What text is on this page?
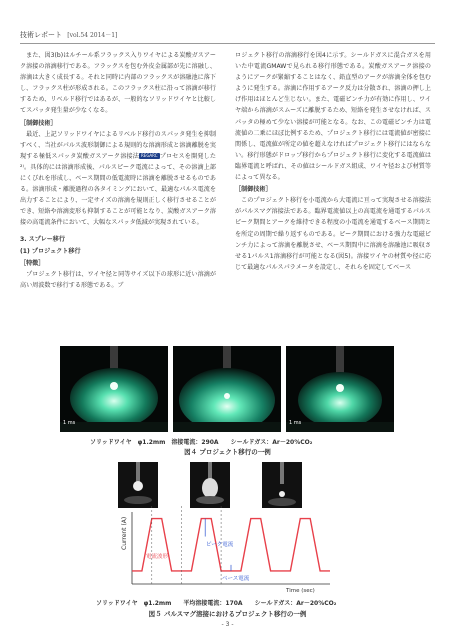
技術レポート [vol.54 2014－1]

また、図3(b)はルチール系フラックス入りワイヤによる炭酸ガスアーク溶接の溶滴移行である。フラックスを包む外皮金属部が先に溶融し、溶滴は大きく成長する。それと同時に内部のフラックスが溶融池に落下し、フラックス柱が形成される。このフラックス柱に沿って溶滴が移行するため、リベルド移行ではあるが、一般的なソリッドワイヤと比較してスパッタ発生量が少なくなる。

［制御技術］

最近、上記ソリッドワイヤによるリベルド移行のスパッタ発生を抑制すべく、当社がパルス波形制御による規則的な溶滴形成と溶滴離脱を実現する極低スパッタ炭酸ガスアーク溶接法 REGARC プロセスを開発した²⁾。具体的には溶滴形成後、パルスピーク電流によって、その溶滴上部にくびれを形成し、ベース期間の低電流時に溶滴を離脱させるものである。溶滴形成・離脱過程の各タイミングにおいて、最適なパルス電流を出力することにより、一定サイズの溶滴を規則正しく移行させることができ、短絡や溶滴変形も抑制することが可能となり、炭酸ガスアーク溶接の高電流条件において、大幅なスパッタ低減が実現されている。

3. スプレー移行

(1) プロジェクト移行

［特徴］

プロジェクト移行は、ワイヤ径と同等サイズ以下の球形に近い溶滴が高い周波数で移行する形態である。ブ

ロジェクト移行の溶滴移行を図4に示す。シールドガスに混合ガスを用いた中電流GMAWで見られる移行形態である。炭酸ガスアーク溶接のようにアークが緊縮することはなく、鉛直型のアークが溶滴全体を包むように発生する。溶滴に作用するアーク反力は分散され、溶滴の押し上げ作用はほとんど生じない。また、電磁ピンチ力が有効に作用し、ワイヤ端から溶滴がスムーズに離脱するため、短絡を発生させなければ、スパッタの極めて少ない溶接が可能となる。なお、この電磁ピンチ力は電流値の二乗にほぼ比例するため、プロジェクト移行には電流値が密接に関係し、電流値が所定の値を超えなければプロジェクト移行にはならない。移行形態がドロップ移行からプロジェクト移行に変化する電流値は臨界電流と呼ばれ、その値はシールドガス組成、ワイヤ径および材質等によって異なる。

［制御技術］

このプロジェクト移行を小電流から大電流に亘って実現させる溶接法がパルスマグ溶接法である。臨界電流値以上の高電流を通電するパルスピーク期間とアークを維持できる程度の小電流を通電するベース期間とを所定の周期で繰り返すものである。ピーク期間における強力な電磁ピンチ力によって溶滴を離脱させ、ベース期間中に溶滴を溶融池に吸収させる1パルス1溶滴移行が可能となる(図5)。溶接ワイヤの材質や径に応じて最適なパルスパラメータを設定し、それらを固定してベース

1 ms	1 ms
ソリッドワイヤ　φ1.2mm　溶接電流：290A　　シールドガス：Ar－20%CO₂
図４ プロジェクト移行の一例
Current (A)
Time (sec)
電流波形
ピーク電流
ベース電流
ソリッドワイヤ　φ1.2mm　　平均溶接電流：170A　　シールドガス：Ar－20%CO₂
図５ パルスマグ溶接におけるプロジェクト移行の一例
- 3 -
